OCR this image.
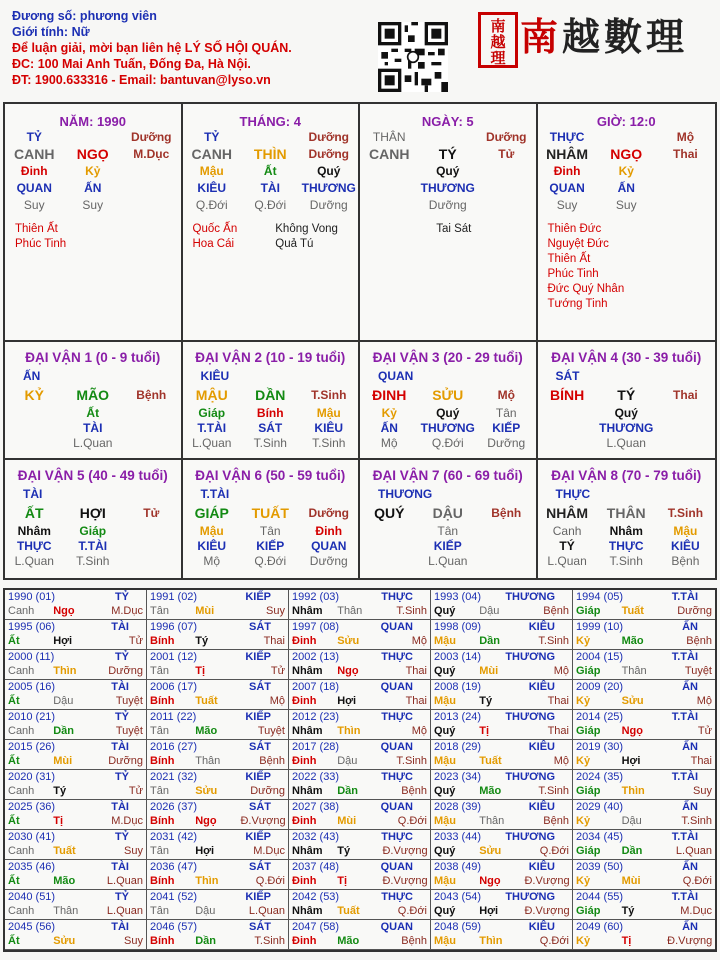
Đương số: phương viên
Giới tính: Nữ
Để luận giải, mời bạn liên hệ LÝ SỐ HỘI QUÁN.
ĐC: 100 Mai Anh Tuấn, Đống Đa, Hà Nội.
ĐT: 1900.633316 - Email: bantuvan@lyso.vn
南
越
理 南越數理
NĂM: 1990
TỶ	Dưỡng
CANH	NGỌ	M.Dục
Đinh	Kỷ
QUAN	ẤN
Suy	Suy
Thiên Ất
Phúc Tinh
THÁNG: 4
TỶ	Dưỡng
CANH	THÌN	Dưỡng
Mậu	Ất	Quý
KIÊU	TÀI	THƯƠNG
Q.Đới	Q.Đới	Dưỡng
Quốc Ấn
Hoa Cái
Không Vong
Quả Tú
NGÀY: 5
THÂN	Dưỡng
CANH	TÝ	Tử
Quý
THƯƠNG
Dưỡng
Tai Sát
GIỜ: 12:0
THỰC	Mộ
NHÂM	NGỌ	Thai
Đinh	Kỷ
QUAN	ẤN
Suy	Suy
Thiên Đức
Nguyệt Đức
Thiên Ất
Phúc Tinh
Đức Quý Nhân
Tướng Tinh
ĐẠI VẬN 1 (0 - 9 tuổi)
ẤN
KỶ	MÃO	Bệnh
Ất
TÀI
L.Quan
ĐẠI VẬN 2 (10 - 19 tuổi)
KIÊU
MẬU	DẦN	T.Sinh
Giáp	Bính	Mậu
T.TÀI	SÁT	KIÊU
L.Quan	T.Sinh	T.Sinh
ĐẠI VẬN 3 (20 - 29 tuổi)
QUAN
ĐINH	SỬU	Mộ
Kỷ	Quý	Tân
ẤN	THƯƠNG	KIẾP
Mộ	Q.Đới	Dưỡng
ĐẠI VẬN 4 (30 - 39 tuổi)
SÁT
BÍNH	TÝ	Thai
Quý
THƯƠNG
L.Quan
ĐẠI VẬN 5 (40 - 49 tuổi)
TÀI
ẤT	HỢI	Tử
Nhâm	Giáp
THỰC	T.TÀI
L.Quan	T.Sinh
ĐẠI VẬN 6 (50 - 59 tuổi)
T.TÀI
GIÁP	TUẤT	Dưỡng
Mậu	Tân	Đinh
KIÊU	KIẾP	QUAN
Mộ	Q.Đới	Dưỡng
ĐẠI VẬN 7 (60 - 69 tuổi)
THƯƠNG
QUÝ	DẬU	Bệnh
Tân
KIẾP
L.Quan
ĐẠI VẬN 8 (70 - 79 tuổi)
THỰC
NHÂM	THÂN	T.Sinh
Canh	Nhâm	Mậu
TÝ	THỰC	KIÊU
L.Quan	T.Sinh	Bệnh
1990 (01)	TỶ
Canh	Ngọ	M.Dục
1991 (02)	KIẾP
Tân	Mùi	Suy
1992 (03)	THỰC
Nhâm	Thân	T.Sinh
1993 (04) THƯƠNG
Quý	Dậu	Bệnh
1994 (05)	T.TÀI
Giáp	Tuất	Dưỡng
1995 (06)	TÀI
Ất	Hợi	Tử
1996 (07)	SÁT
Bính	Tý	Thai
1997 (08)	QUAN
Đinh	Sửu	Mộ
1998 (09)	KIÊU
Mậu	Dần	T.Sinh
1999 (10)	ẤN
Kỷ	Mão	Bệnh
2000 (11)	TỶ
Canh	Thìn	Dưỡng
2001 (12)	KIẾP
Tân	Tị	Tử
2002 (13)	THỰC
Nhâm	Ngọ	Thai
2003 (14) THƯƠNG
Quý	Mùi	Mộ
2004 (15)	T.TÀI
Giáp	Thân	Tuyệt
2005 (16)	TÀI
Ất	Dậu	Tuyệt
2006 (17)	SÁT
Bính	Tuất	Mộ
2007 (18)	QUAN
Đinh	Hợi	Thai
2008 (19)	KIÊU
Mậu	Tý	Thai
2009 (20)	ẤN
Kỷ	Sửu	Mộ
2010 (21)	TỶ
Canh	Dần	Tuyệt
2011 (22)	KIẾP
Tân	Mão	Tuyệt
2012 (23)	THỰC
Nhâm	Thìn	Mộ
2013 (24) THƯƠNG
Quý	Tị	Thai
2014 (25)	T.TÀI
Giáp	Ngọ	Tử
2015 (26)	TÀI
Ất	Mùi	Dưỡng
2016 (27)	SÁT
Bính	Thân	Bệnh
2017 (28)	QUAN
Đinh	Dậu	T.Sinh
2018 (29)	KIÊU
Mậu	Tuất	Mộ
2019 (30)	ẤN
Kỷ	Hợi	Thai
2020 (31)	TỶ
Canh	Tý	Tử
2021 (32)	KIẾP
Tân	Sửu	Dưỡng
2022 (33)	THỰC
Nhâm	Dần	Bệnh
2023 (34) THƯƠNG
Quý	Mão	T.Sinh
2024 (35)	T.TÀI
Giáp	Thìn	Suy
2025 (36)	TÀI
Ất	Tị	M.Dục
2026 (37)	SÁT
Bính	Ngọ	Đ.Vượng
2027 (38)	QUAN
Đinh	Mùi	Q.Đới
2028 (39)	KIÊU
Mậu	Thân	Bệnh
2029 (40)	ẤN
Kỷ	Dậu	T.Sinh
2030 (41)	TỶ
Canh	Tuất	Suy
2031 (42)	KIẾP
Tân	Hợi	M.Dục
2032 (43)	THỰC
Nhâm	Tý	Đ.Vượng
2033 (44) THƯƠNG
Quý	Sửu	Q.Đới
2034 (45)	T.TÀI
Giáp	Dần	L.Quan
2035 (46)	TÀI
Ất	Mão	L.Quan
2036 (47)	SÁT
Bính	Thìn	Q.Đới
2037 (48)	QUAN
Đinh	Tị	Đ.Vượng
2038 (49)	KIÊU
Mậu	Ngọ	Đ.Vượng
2039 (50)	ẤN
Kỷ	Mùi	Q.Đới
2040 (51)	TỶ
Canh	Thân	L.Quan
2041 (52)	KIẾP
Tân	Dậu	L.Quan
2042 (53)	THỰC
Nhâm	Tuất	Q.Đới
2043 (54) THƯƠNG
Quý	Hợi	Đ.Vượng
2044 (55)	T.TÀI
Giáp	Tý	M.Dục
2045 (56)	TÀI
Ất	Sửu	Suy
2046 (57)	SÁT
Bính	Dần	T.Sinh
2047 (58)	QUAN
Đinh	Mão	Bệnh
2048 (59)	KIÊU
Mậu	Thìn	Q.Đới
2049 (60)	ẤN
Kỷ	Tị	Đ.Vượng
